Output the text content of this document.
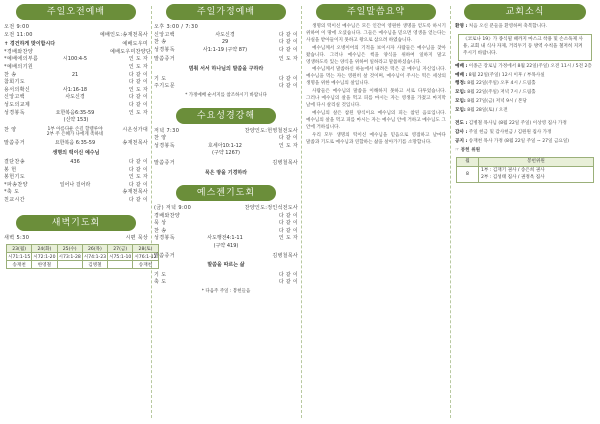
주일오전예배
오전 9:00
오전 11:00	예배인도:송재천목사
✝ 경건하게 맞이합시다	예배도우미
*경배와찬양	예배도우미찬양단
*예배에의부름	시100:4-5	인 도 자
*예배의기원	인 도 자
찬 송	21	다 같 이
참회기도	다 같 이
용서의확신	사1:16-18	인 도 자
신앙고백	사도신경	다 같 이
성도의교제	다 같 이
성경봉독	요한복음6:35-59	인 도 자
(신약 153)
찬 양	1부 아름다운 손길 할렐루야
2부 주 은혜가 나에게 족하네
시온성가대
말씀증거	요한복음 6:35-59	송재천목사
생명의 떡이신 예수님
결단찬송	436	다 같 이
봉 헌	다 같 이
봉헌기도	인 도 자
*파송찬양	일어나 걸어라	다 같 이
*축 도	송재천목사
친교시간	다 같 이
새벽기도회
새벽 5:30	시편 묵상
23(월)	24(화)	25(수)	26(목)	27(금)	28(토)
시71:1-15	시72:1-20	시73:1-28	시74:1-23	시75:1-10	시76:1-12
송재천	한영철		김병철		송재천
주일가정예배
오후 3:00 / 7:30
신앙고백	사도신경	다 같 이
찬 송	29	다 같 이
성경봉독	사1:1-19 (구약 87)	다 같 이
말씀증거	인 도 자
멈춰 서서 하나님의 말씀을 구하라
기 도	다 같 이
주기도문	다 같 이
* 가정예배 순서지를 참조하시기 바랍니다
수요성경강해
저녁 7:30	찬양인도:헌영철전도사
찬 양	다 같 이
성경봉독	호세아10:1-12	인 도 자
(구약 1267)
말씀증거	김병철목사
묵은 땅을 기경하라
예스젠기도회
(금) 저녁 9:00	찬양인도:정인석전도사
경배와찬양	다 같 이
묵 상	다 같 이
찬 송	다 같 이
성경봉독	사도행전4:1-11	인 도 자
(구약 419)
말씀증거	김병철목사
말씀을 따르는 삶
기 도	다 같 이
축 도	다 같 이
* 다음주 주일 : 봉헌들음
주일말씀요약

생명의 떡이신 예수님은 모든 인간이 영원한 생명을 얻도록 하시기 위하여 이 땅에 오셨습니다. 그들은 예수님을 믿으면 영생을 얻는다는 사실을 받아들이지 못하고 왕으로 삼으려 하였습니다.

예수님께서 오병이어의 기적을 보이시자 사람들은 예수님을 찾아 왔습니다. 그러나 예수님은 썩을 양식을 위하여 일하지 말고 영생하도록 있는 양식을 위하여 일하라고 말씀하셨습니다.

예수님께서 말씀하신 하늘에서 내려온 떡은 곧 예수님 자신입니다. 예수님을 먹는 자는 영원히 살 것이며, 예수님이 주시는 떡은 세상의 생명을 위한 예수님의 살입니다.

사람들은 예수님의 말씀을 이해하지 못하고 서로 다투었습니다. 그러나 예수님의 살을 먹고 피를 마시는 자는 영생을 가졌고 마지막 날에 다시 살리실 것입니다.

예수님의 살은 참된 양식이요 예수님의 피는 참된 음료입니다. 예수님의 살을 먹고 피를 마시는 자는 예수님 안에 거하고 예수님도 그 안에 거하십니다.

우리 모두 생명의 떡이신 예수님을 믿음으로 영접하고 날마다 말씀과 기도로 예수님과 연합하는 삶을 살아가기를 소망합니다.

교회소식
환영 : 처음 오신 분들을 환영하며 축복합니다.
《코로나 19》가 종식될 때까지 마스크 착용 및 손소독제 사용, 교회 내 식사 자제, 거리두기 등 방역 수칙을 철저히 지켜 주시기 바랍니다.
예배 : 이종근 장로님 가정에서 8월 22일(주일) 오전 11시 / 5전 2층
예배 : 8월 22일(주일) 12시 이후 / 부목사실
행정: 8월 22일(주일) 오후 4시 / 드림홀
모임: 8월 22일(주일) 저녁 7시 / 드림홀
모임: 8월 27일(금) 저녁 9시 / 본당
모임: 8월 28일(토) / 오전
전도 : 김병철 목사님 (8월 22일 주일) 이상영 집사 가정
감사 : 주일 헌금 및 감사헌금 / 김원원 집사 가정
공지 : 송재천 목사 가정 (8월 22일 주일 ~ 27일 금요일)
☞ 봉헌 위원
월	봉헌위원
8	1부 : 김재기 권사 / 송은희 권사
2부 : 김성태 집사 / 권정옥 집사
